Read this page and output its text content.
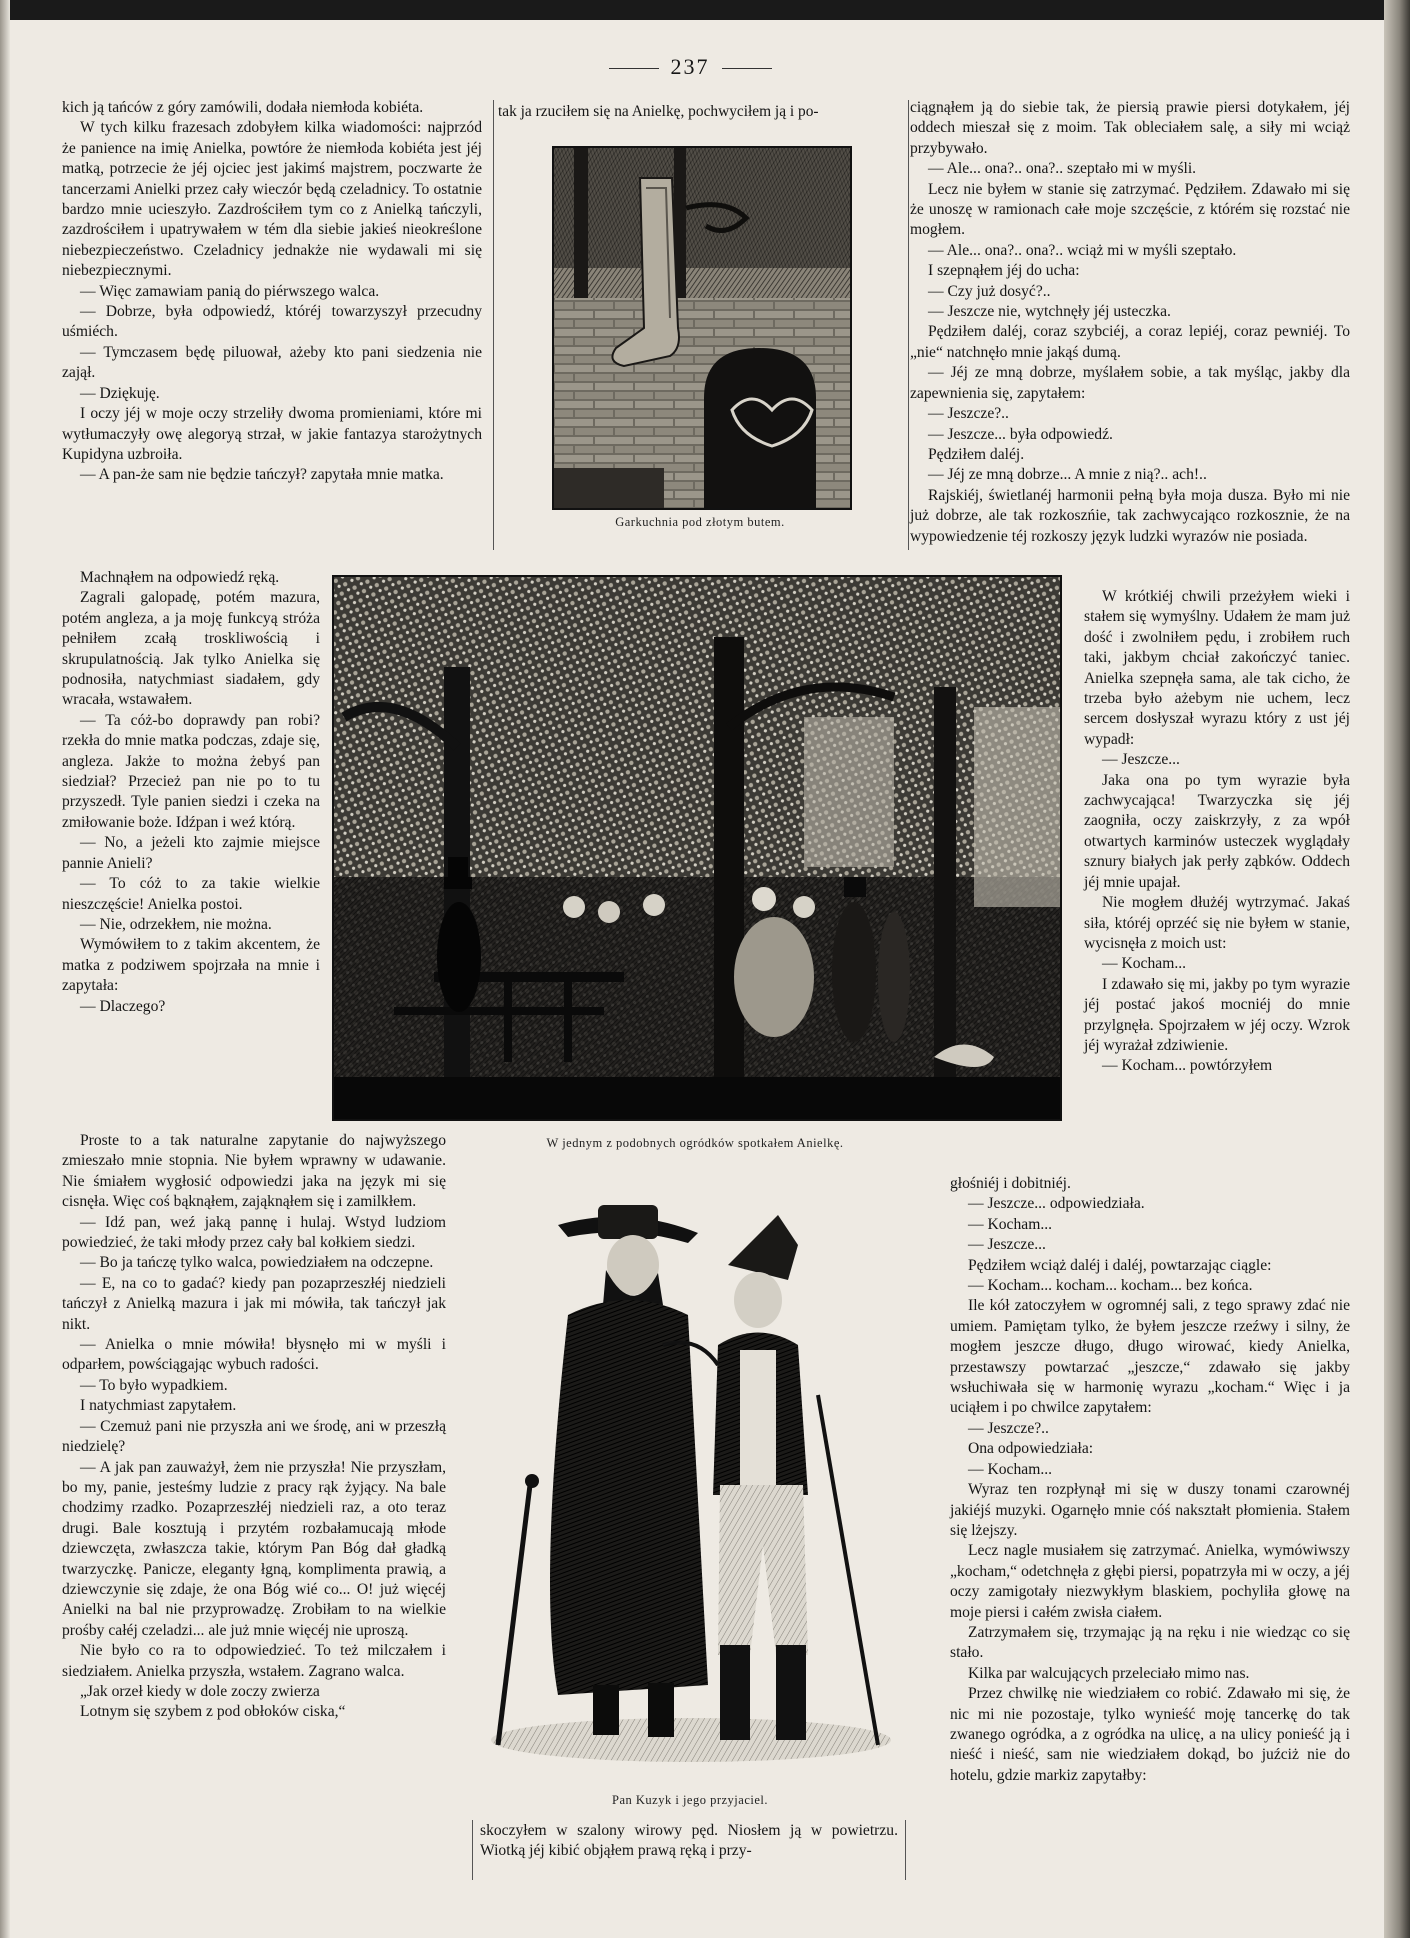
237

kich ją tańców z góry zamówili, dodała niemłoda kobiéta.

W tych kilku frazesach zdobyłem kilka wiadomości: najprzód że panience na imię Anielka, powtóre że niemłoda kobiéta jest jéj matką, potrzecie że jéj ojciec jest jakimś majstrem, poczwarte że tancerzami Anielki przez cały wieczór będą czeladnicy. To ostatnie bardzo mnie ucieszyło. Zazdrościłem tym co z Anielką tańczyli, zazdrościłem i upatrywałem w tém dla siebie jakieś nieokreślone niebezpieczeństwo. Czeladnicy jednakże nie wydawali mi się niebezpiecznymi.

— Więc zamawiam panią do piérwszego walca.

— Dobrze, była odpowiedź, któréj towarzyszył przecudny uśmiéch.

— Tymczasem będę piluował, ażeby kto pani siedzenia nie zajął.

— Dziękuję.

I oczy jéj w moje oczy strzeliły dwoma promieniami, które mi wytłumaczyły owę alegoryą strzał, w jakie fantazya starożytnych Kupidyna uzbroiła.

— A pan-że sam nie będzie tańczył? zapytała mnie matka.

Machnąłem na odpowiedź ręką.

Zagrali galopadę, potém mazura, potém angleza, a ja moję funkcyą stróża pełniłem zcałą troskliwością i skrupulatnością. Jak tylko Anielka się podnosiła, natychmiast siadałem, gdy wracała, wstawałem.

— Ta cóż-bo doprawdy pan robi? rzekła do mnie matka podczas, zdaje się, angleza. Jakże to można żebyś pan siedział? Przecież pan nie po to tu przyszedł. Tyle panien siedzi i czeka na zmiłowanie boże. Idźpan i weź którą.

— No, a jeżeli kto zajmie miejsce pannie Anieli?

— To cóż to za takie wielkie nieszczęście! Anielka postoi.

— Nie, odrzekłem, nie można.

Wymówiłem to z takim akcentem, że matka z podziwem spojrzała na mnie i zapytała:

— Dlaczego?

Proste to a tak naturalne zapytanie do najwyższego zmieszało mnie stopnia. Nie byłem wprawny w udawanie. Nie śmiałem wygłosić odpowiedzi jaka na język mi się cisnęła. Więc coś bąknąłem, zająknąłem się i zamilkłem.

— Idź pan, weź jaką pannę i hulaj. Wstyd ludziom powiedzieć, że taki młody przez cały bal kołkiem siedzi.

— Bo ja tańczę tylko walca, powiedziałem na odczepne.

— E, na co to gadać? kiedy pan pozaprzeszłéj niedzieli tańczył z Anielką mazura i jak mi mówiła, tak tańczył jak nikt.

— Anielka o mnie mówiła! błysnęło mi w myśli i odparłem, powściągając wybuch radości.

— To było wypadkiem.

I natychmiast zapytałem.

— Czemuż pani nie przyszła ani we środę, ani w przeszłą niedzielę?

— A jak pan zauważył, żem nie przyszła! Nie przyszłam, bo my, panie, jesteśmy ludzie z pracy rąk żyjący. Na bale chodzimy rzadko. Pozaprzeszłéj niedzieli raz, a oto teraz drugi. Bale kosztują i przytém rozbałamucają młode dziewczęta, zwłaszcza takie, którym Pan Bóg dał gładką twarzyczkę. Panicze, eleganty łgną, komplimenta prawią, a dziewczynie się zdaje, że ona Bóg wié co... O! już więcéj Anielki na bal nie przyprowadzę. Zrobiłam to na wielkie prośby całéj czeladzi... ale już mnie więcéj nie uproszą.

Nie było co ra to odpowiedzieć. To też milczałem i siedziałem. Anielka przyszła, wstałem. Zagrano walca.

„Jak orzeł kiedy w dole zoczy zwierza

Lotnym się szybem z pod obłoków ciska,“

tak ja rzuciłem się na Anielkę, pochwyciłem ją i po-

Garkuchnia pod złotym butem.

ciągnąłem ją do siebie tak, że piersią prawie piersi dotykałem, jéj oddech mieszał się z moim. Tak obleciałem salę, a siły mi wciąż przybywało.

— Ale... ona?.. ona?.. szeptało mi w myśli.

Lecz nie byłem w stanie się zatrzymać. Pędziłem. Zdawało mi się że unoszę w ramionach całe moje szczęście, z którém się rozstać nie mogłem.

— Ale... ona?.. ona?.. wciąż mi w myśli szeptało.

I szepnąłem jéj do ucha:

— Czy już dosyć?..

— Jeszcze nie, wytchnęły jéj usteczka.

Pędziłem daléj, coraz szybciéj, a coraz lepiéj, coraz pewniéj. To „nie“ natchnęło mnie jakąś dumą.

— Jéj ze mną dobrze, myślałem sobie, a tak myśląc, jakby dla zapewnienia się, zapytałem:

— Jeszcze?..

— Jeszcze... była odpowiedź.

Pędziłem daléj.

— Jéj ze mną dobrze... A mnie z nią?.. ach!..

Rajskiéj, świetlanéj harmonii pełną była moja dusza. Było mi nie już dobrze, ale tak rozkoszńie, tak zachwycająco rozkosznie, że na wypowiedzenie téj rozkoszy język ludzki wyrazów nie posiada.

W krótkiéj chwili przeżyłem wieki i stałem się wymyślny. Udałem że mam już dość i zwolniłem pędu, i zrobiłem ruch taki, jakbym chciał zakończyć taniec. Anielka szepnęła sama, ale tak cicho, że trzeba było ażebym nie uchem, lecz sercem dosłyszał wyrazu który z ust jéj wypadł:

— Jeszcze...

Jaka ona po tym wyrazie była zachwycająca! Twarzyczka się jéj zaogniła, oczy zaiskrzyły, z za wpół otwartych karminów usteczek wyglądały sznury białych jak perły ząbków. Oddech jéj mnie upajał.

Nie mogłem dłużéj wytrzymać. Jakaś siła, któréj oprzéć się nie byłem w stanie, wycisnęła z moich ust:

— Kocham...

I zdawało się mi, jakby po tym wyrazie jéj postać jakoś mocniéj do mnie przylgnęła. Spojrzałem w jéj oczy. Wzrok jéj wyrażał zdziwienie.

— Kocham... powtórzyłem

głośniéj i dobitniéj.

— Jeszcze... odpowiedziała.

— Kocham...

— Jeszcze...

Pędziłem wciąż daléj i daléj, powtarzając ciągle:

— Kocham... kocham... kocham... bez końca.

Ile kół zatoczyłem w ogromnéj sali, z tego sprawy zdać nie umiem. Pamiętam tylko, że byłem jeszcze rzeźwy i silny, że mogłem jeszcze długo, długo wirować, kiedy Anielka, przestawszy powtarzać „jeszcze,“ zdawało się jakby wsłuchiwała się w harmonię wyrazu „kocham.“ Więc i ja uciąłem i po chwilce zapytałem:

— Jeszcze?..

Ona odpowiedziała:

— Kocham...

Wyraz ten rozpłynął mi się w duszy tonami czarownéj jakiéjś muzyki. Ogarnęło mnie cóś nakształt płomienia. Stałem się lżejszy.

Lecz nagle musiałem się zatrzymać. Anielka, wymówiwszy „kocham,“ odetchnęła z głębi piersi, popatrzyła mi w oczy, a jéj oczy zamigotały niezwykłym blaskiem, pochyliła głowę na moje piersi i całém zwisła ciałem.

Zatrzymałem się, trzymając ją na ręku i nie wiedząc co się stało.

Kilka par walcujących przeleciało mimo nas.

Przez chwilkę nie wiedziałem co robić. Zdawało mi się, że nic mi nie pozostaje, tylko wynieść moję tancerkę do tak zwanego ogródka, a z ogródka na ulicę, a na ulicy ponieść ją i nieść i nieść, sam nie wiedziałem dokąd, bo juźciż nie do hotelu, gdzie markiz zapytałby:

W jednym z podobnych ogródków spotkałem Anielkę.
Pan Kuzyk i jego przyjaciel.

skoczyłem w szalony wirowy pęd. Niosłem ją w powietrzu. Wiotką jéj kibić objąłem prawą ręką i przy-
